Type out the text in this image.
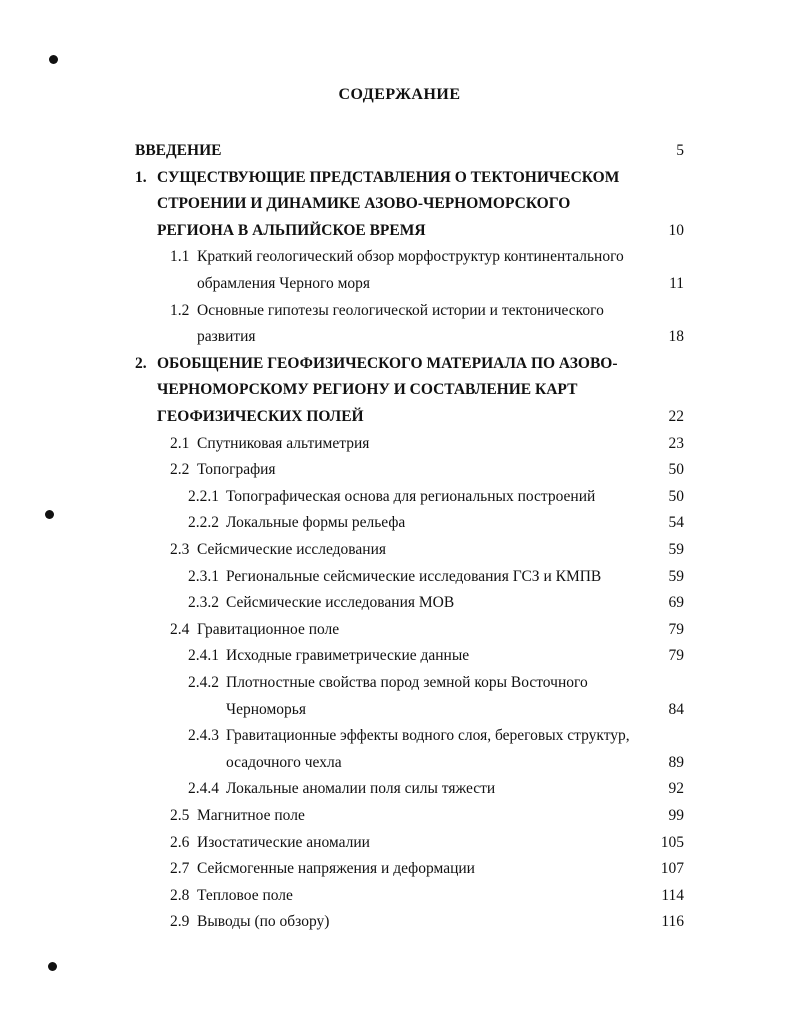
СОДЕРЖАНИЕ
ВВЕДЕНИЕ	5
1. СУЩЕСТВУЮЩИЕ ПРЕДСТАВЛЕНИЯ О ТЕКТОНИЧЕСКОМ
СТРОЕНИИ И ДИНАМИКЕ АЗОВО-ЧЕРНОМОРСКОГО
РЕГИОНА В АЛЬПИЙСКОЕ ВРЕМЯ	10
1.1 Краткий геологический обзор морфоструктур континентального
обрамления Черного моря	11
1.2 Основные гипотезы геологической истории и тектонического
развития	18
2. ОБОБЩЕНИЕ ГЕОФИЗИЧЕСКОГО МАТЕРИАЛА ПО АЗОВО-
ЧЕРНОМОРСКОМУ РЕГИОНУ И СОСТАВЛЕНИЕ КАРТ
ГЕОФИЗИЧЕСКИХ ПОЛЕЙ	22
2.1 Спутниковая альтиметрия	23
2.2 Топография	50
2.2.1 Топографическая основа для региональных построений	50
2.2.2 Локальные формы рельефа	54
2.3 Сейсмические исследования	59
2.3.1 Региональные сейсмические исследования ГСЗ и КМПВ	59
2.3.2 Сейсмические исследования МОВ	69
2.4 Гравитационное поле	79
2.4.1 Исходные гравиметрические данные	79
2.4.2 Плотностные свойства пород земной коры Восточного
Черноморья	84
2.4.3 Гравитационные эффекты водного слоя, береговых структур,
осадочного чехла	89
2.4.4 Локальные аномалии поля силы тяжести	92
2.5 Магнитное поле	99
2.6 Изостатические аномалии	105
2.7 Сейсмогенные напряжения и деформации	107
2.8 Тепловое поле	114
2.9 Выводы (по обзору)	116
